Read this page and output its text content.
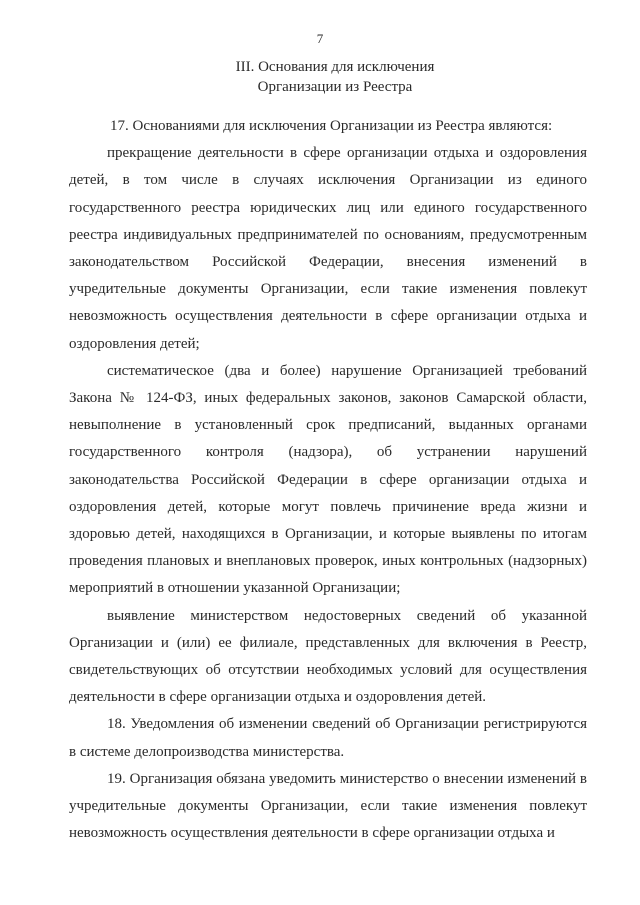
7
III. Основания для исключения
Организации из Реестра

17. Основаниями для исключения Организации из Реестра являются:

прекращение деятельности в сфере организации отдыха и оздоровления детей, в том числе в случаях исключения Организации из единого государственного реестра юридических лиц или единого государственного реестра индивидуальных предпринимателей по основаниям, предусмотренным законодательством Российской Федерации, внесения изменений в учредительные документы Организации, если такие изменения повлекут невозможность осуществления деятельности в сфере организации отдыха и оздоровления детей;

систематическое (два и более) нарушение Организацией требований Закона № 124-ФЗ, иных федеральных законов, законов Самарской области, невыполнение в установленный срок предписаний, выданных органами государственного контроля (надзора), об устранении нарушений законодательства Российской Федерации в сфере организации отдыха и оздоровления детей, которые могут повлечь причинение вреда жизни и здоровью детей, находящихся в Организации, и которые выявлены по итогам проведения плановых и внеплановых проверок, иных контрольных (надзорных) мероприятий в отношении указанной Организации;

выявление министерством недостоверных сведений об указанной Организации и (или) ее филиале, представленных для включения в Реестр, свидетельствующих об отсутствии необходимых условий для осуществления деятельности в сфере организации отдыха и оздоровления детей.

18. Уведомления об изменении сведений об Организации регистрируются в системе делопроизводства министерства.

19. Организация обязана уведомить министерство о внесении изменений в учредительные документы Организации, если такие изменения повлекут невозможность осуществления деятельности в сфере организации отдыха и
